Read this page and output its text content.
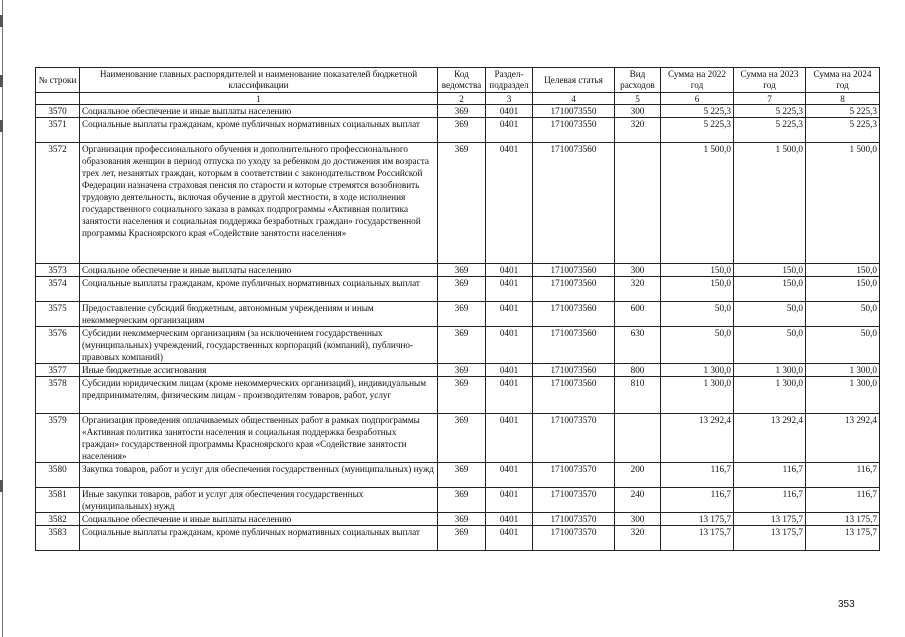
№ строки	Наименование главных распорядителей и наименование показателей бюджетной классификации	Код ведомства	Раздел-подраздел	Целевая статья	Вид расходов	Сумма на 2022 год	Сумма на 2023 год	Сумма на 2024 год
	1	2	3	4	5	6	7	8
3570	Социальное обеспечение и иные выплаты населению	369	0401	1710073550	300	5 225,3	5 225,3	5 225,3
3571	Социальные выплаты гражданам, кроме публичных нормативных социальных выплат	369	0401	1710073550	320	5 225,3	5 225,3	5 225,3
3572	Организация профессионального обучения и дополнительного профессионального образования женщин в период отпуска по уходу за ребенком до достижения им возраста трех лет, незанятых граждан, которым в соответствии с законодательством Российской Федерации назначена страховая пенсия по старости и которые стремятся возобновить трудовую деятельность, включая обучение в другой местности, в ходе исполнения государственного социального заказа в рамках подпрограммы «Активная политика занятости населения и социальная поддержка безработных граждан» государственной программы Красноярского края «Содействие занятости населения»	369	0401	1710073560		1 500,0	1 500,0	1 500,0
3573	Социальное обеспечение и иные выплаты населению	369	0401	1710073560	300	150,0	150,0	150,0
3574	Социальные выплаты гражданам, кроме публичных нормативных социальных выплат	369	0401	1710073560	320	150,0	150,0	150,0
3575	Предоставление субсидий бюджетным, автономным учреждениям и иным некоммерческим организациям	369	0401	1710073560	600	50,0	50,0	50,0
3576	Субсидии некоммерческим организациям (за исключением государственных (муниципальных) учреждений, государственных корпораций (компаний), публично-правовых компаний)	369	0401	1710073560	630	50,0	50,0	50,0
3577	Иные бюджетные ассигнования	369	0401	1710073560	800	1 300,0	1 300,0	1 300,0
3578	Субсидии юридическим лицам (кроме некоммерческих организаций), индивидуальным предпринимателям, физическим лицам - производителям товаров, работ, услуг	369	0401	1710073560	810	1 300,0	1 300,0	1 300,0
3579	Организация проведения оплачиваемых общественных работ в рамках подпрограммы «Активная политика занятости населения и социальная поддержка безработных граждан» государственной программы Красноярского края «Содействие занятости населения»	369	0401	1710073570		13 292,4	13 292,4	13 292,4
3580	Закупка товаров, работ и услуг для обеспечения государственных (муниципальных) нужд	369	0401	1710073570	200	116,7	116,7	116,7
3581	Иные закупки товаров, работ и услуг для обеспечения государственных (муниципальных) нужд	369	0401	1710073570	240	116,7	116,7	116,7
3582	Социальное обеспечение и иные выплаты населению	369	0401	1710073570	300	13 175,7	13 175,7	13 175,7
3583	Социальные выплаты гражданам, кроме публичных нормативных социальных выплат	369	0401	1710073570	320	13 175,7	13 175,7	13 175,7
353
